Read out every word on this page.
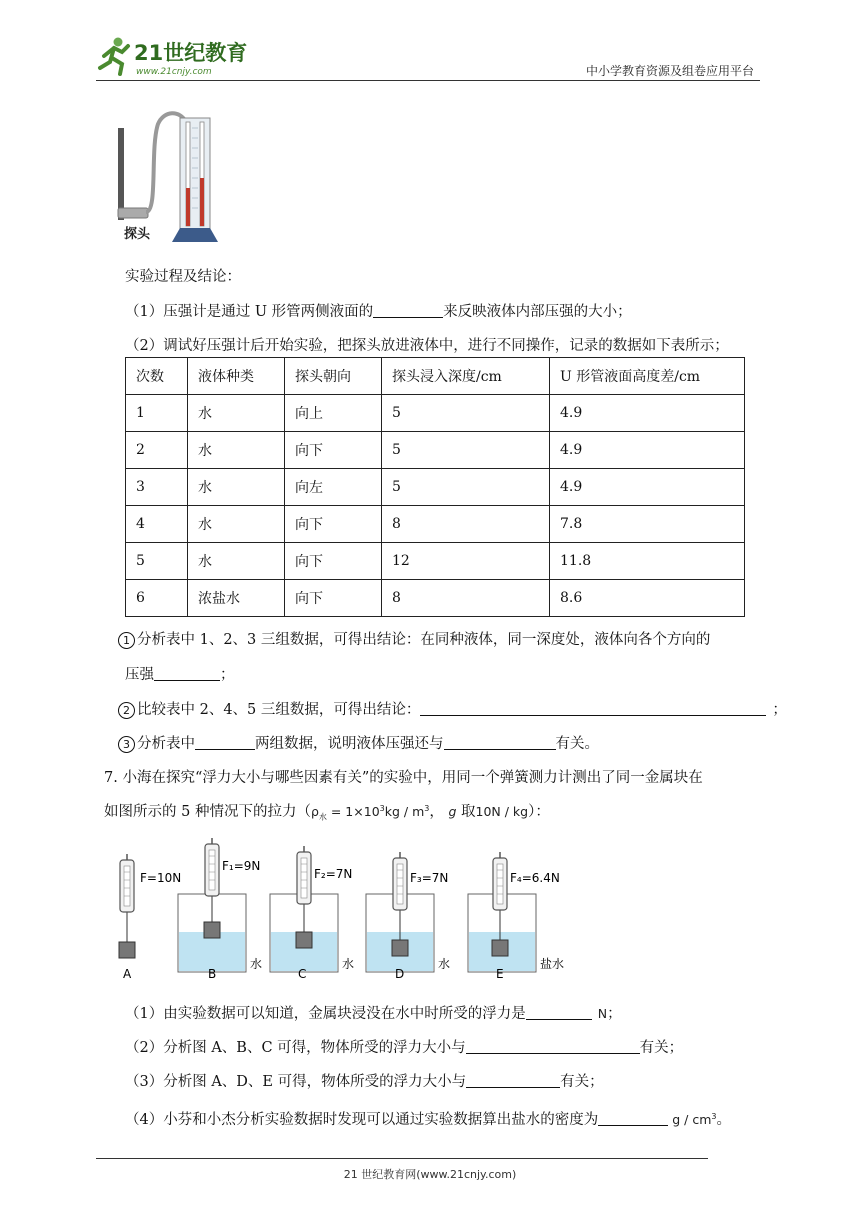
21世纪教育
www.21cnjy.com	中小学教育资源及组卷应用平台
探头
实验过程及结论：
（1）压强计是通过 U 形管两侧液面的	来反映液体内部压强的大小；
（2）调试好压强计后开始实验，把探头放进液体中，进行不同操作，记录的数据如下表所示；
次数	液体种类	探头朝向	探头浸入深度/cm	U 形管液面高度差/cm
1	水	向上	5	4.9
2	水	向下	5	4.9
3	水	向左	5	4.9
4	水	向下	8	7.8
5	水	向下	12	11.8
6	浓盐水	向下	8	8.6
1 分析表中 1、2、3 三组数据，可得出结论：在同种液体，同一深度处，液体向各个方向的
压强	；
2 比较表中 2、4、5 三组数据，可得出结论：	；
3 分析表中	两组数据，说明液体压强还与	有关。
7. 小海在探究“浮力大小与哪些因素有关”的实验中，用同一个弹簧测力计测出了同一金属块在
如图所示的 5 种情况下的拉力（$\rho_水 = 1\times 10^3kg / m^3$， g 取10N / kg）：
F=10N
A
F₁=9N
水
B
F₂=7N
水
C
F₃=7N
水
D
F₄=6.4N
盐水
E
（1）由实验数据可以知道，金属块浸没在水中时所受的浮力是	N；
（2）分析图 A、B、C 可得，物体所受的浮力大小与	有关；
（3）分析图 A、D、E 可得，物体所受的浮力大小与	有关；
（4）小芬和小杰分析实验数据时发现可以通过实验数据算出盐水的密度为	g / $cm^3$。
21 世纪教育网(www.21cnjy.com)
